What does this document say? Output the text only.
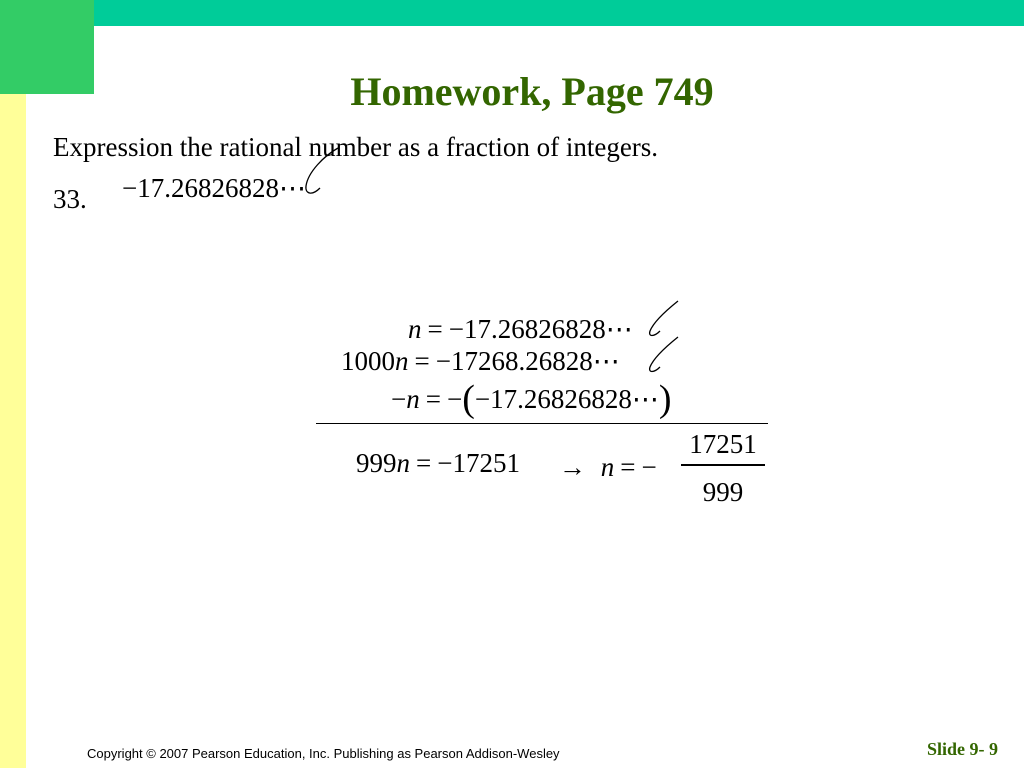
Homework, Page 749
Expression the rational number as a fraction of integers.
33. −17.26826828⋯
n = −17.26826828⋯
1000n = −17268.26828⋯
−n = −(−17.26826828⋯)
999n = −17251 → n = −
17251
999
Copyright © 2007 Pearson Education, Inc. Publishing as Pearson Addison-Wesley	Slide 9- 9
